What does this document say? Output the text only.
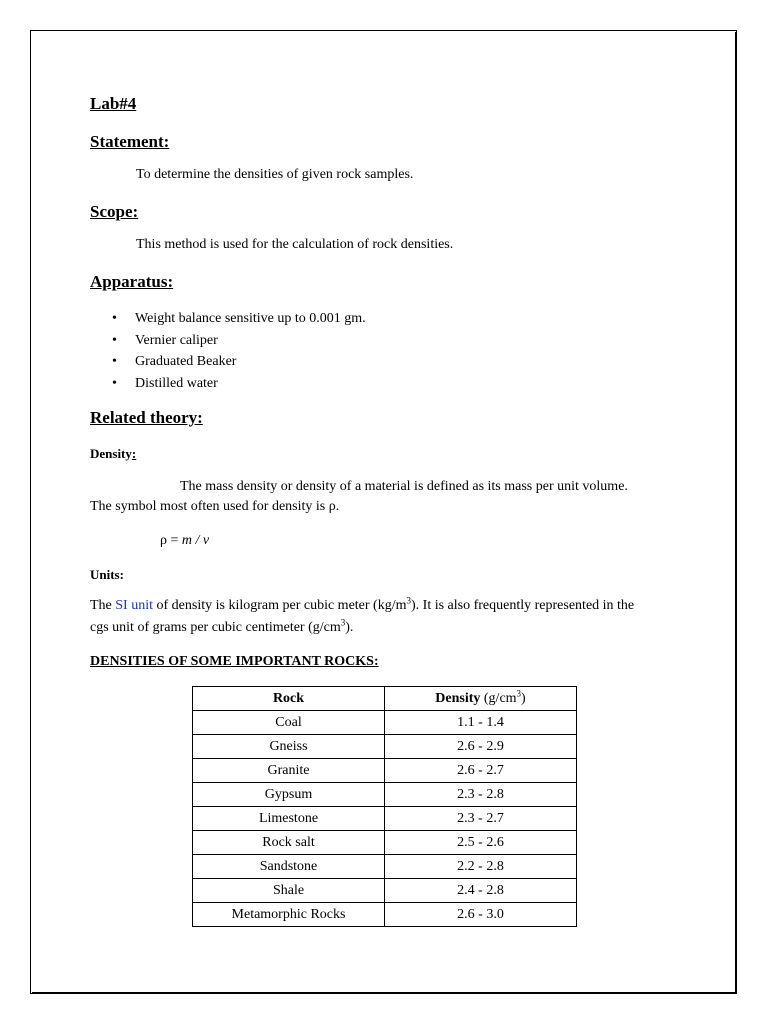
Lab#4
Statement:
To determine the densities of given rock samples.
Scope:
This method is used for the calculation of rock densities.
Apparatus:
• Weight balance sensitive up to 0.001 gm.
• Vernier caliper
• Graduated Beaker
• Distilled water
Related theory:
Density:
The mass density or density of a material is defined as its mass per unit volume.
The symbol most often used for density is ρ.
ρ = m / v
Units:
The SI unit of density is kilogram per cubic meter $(kg/m^3)$. It is also frequently represented in the
cgs unit of grams per cubic centimeter $(g/cm^3)$.
DENSITIES OF SOME IMPORTANT ROCKS:
Rock	Density $(g/cm^3)$
Coal	1.1 - 1.4
Gneiss	2.6 - 2.9
Granite	2.6 - 2.7
Gypsum	2.3 - 2.8
Limestone	2.3 - 2.7
Rock salt	2.5 - 2.6
Sandstone	2.2 - 2.8
Shale	2.4 - 2.8
Metamorphic Rocks	2.6 - 3.0
